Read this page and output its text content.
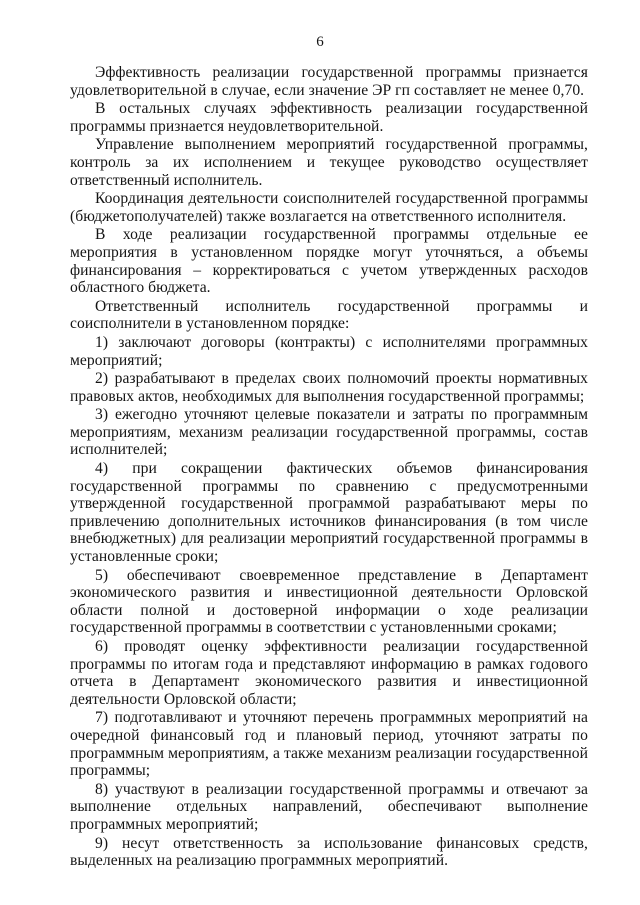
6

Эффективность реализации государственной программы признается удовлетворительной в случае, если значение ЭР гп составляет не менее 0,70.

В остальных случаях эффективность реализации государственной программы признается неудовлетворительной.

Управление выполнением мероприятий государственной программы, контроль за их исполнением и текущее руководство осуществляет ответственный исполнитель.

Координация деятельности соисполнителей государственной программы (бюджетополучателей) также возлагается на ответственного исполнителя.

В ходе реализации государственной программы отдельные ее мероприятия в установленном порядке могут уточняться, а объемы финансирования – корректироваться с учетом утвержденных расходов областного бюджета.

Ответственный исполнитель государственной программы и соисполнители в установленном порядке:

1) заключают договоры (контракты) с исполнителями программных мероприятий;

2) разрабатывают в пределах своих полномочий проекты нормативных правовых актов, необходимых для выполнения государственной программы;

3) ежегодно уточняют целевые показатели и затраты по программным мероприятиям, механизм реализации государственной программы, состав исполнителей;

4) при сокращении фактических объемов финансирования государственной программы по сравнению с предусмотренными утвержденной государственной программой разрабатывают меры по привлечению дополнительных источников финансирования (в том числе внебюджетных) для реализации мероприятий государственной программы в установленные сроки;

5) обеспечивают своевременное представление в Департамент экономического развития и инвестиционной деятельности Орловской области полной и достоверной информации о ходе реализации государственной программы в соответствии с установленными сроками;

6) проводят оценку эффективности реализации государственной программы по итогам года и представляют информацию в рамках годового отчета в Департамент экономического развития и инвестиционной деятельности Орловской области;

7) подготавливают и уточняют перечень программных мероприятий на очередной финансовый год и плановый период, уточняют затраты по программным мероприятиям, а также механизм реализации государственной программы;

8) участвуют в реализации государственной программы и отвечают за выполнение отдельных направлений, обеспечивают выполнение программных мероприятий;

9) несут ответственность за использование финансовых средств, выделенных на реализацию программных мероприятий.
